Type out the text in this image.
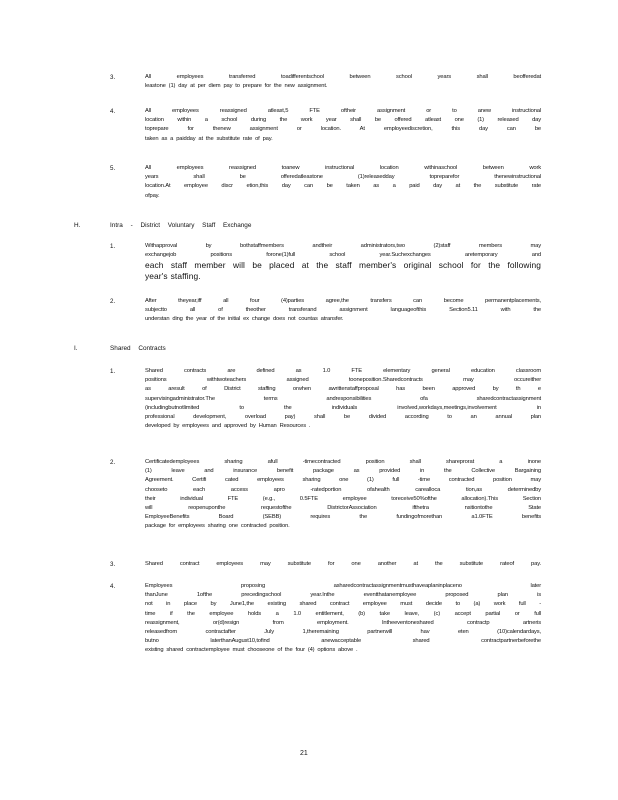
3.	All employees transferred toadifferentschool between school years shall beofferedat
leastone (1) day at per diem pay to prepare for the new assignment.
4.	All employees reassigned atleast,5 FTE oftheir assignment or to anew instructional
location within a school during the work year shall be offered atleast one (1) released day
toprepare for thenew assignment or location. At employeediscretion, this day can be
taken as a paidday at the substitute rate of pay.
5.	All employees reassigned toanew instructional location withinaschool between work
years shall be offeredatleastone (1)releasedday topreparefor thenewinstructional
location.At employee discr etion,this day can be taken as a paid day at the substitute rate
ofpay.
H.	Intra - District Voluntary Staff Exchange
1.	Withapproval by bothstaffmembers andtheir administrators,two (2)staff members may
exchangejob positions forone(1)full school year.Suchexchanges aretemporary and
each staff member will be placed at the staff member's original school for the following
year's staffing.
2.	After theyear,iff all four (4)parties agree,the transfers can become permanentplacements,
subjectto all of theother transferand assignment languageofthis Section5.11 with the
understan ding the year of the initial ex change does not countas atransfer.
I.	Shared Contracts
1.	Shared contracts are defined as 1.0 FTE elementary general education classroom
positions withtwoteachers assigned tooneposition.Sharedcontracts may occureither
as aresult of District staffing orwhen awrittenstaffproposal has been approved by th e
supervisingadministrator.The terms andresponsibilities ofa sharedcontractassignment
(includingbutnotlimited to the individuals involved,workdays,meetings,involvement in
professional development, overload pay) shall be divided according to an annual plan
developed by employees and approved by Human Resources .
2.	Certificatedemployees sharing afull -timecontracted position shall shareprorat a inone
(1) leave and insurance benefit package as provided in the Collective Bargaining
Agreement. Certifi cated employees sharing one (1) full -time contracted position may
chooseto each access apro -ratedportion ofahealth carealloca tion,as determinedby
their individual FTE (e.g., 0.5FTE employee toreceive50%ofthe allocation).This Section
will reopenuponthe requestofthe DistrictorAssociation ifthetra nsitiontothe State
EmployeeBenefits Board (SEBB) requires the fundingofmorethan a1.0FTE benefits
package for employees sharing one contracted position.
3.	Shared contract employees may substitute for one another at the substitute rateof pay.
4.	Employees proposing asharedcontractassignmentmusthaveaplaninplaceno later
thanJune 1ofthe precedingschool year.Inthe eventthatanemployee proposed plan is
not in place by June1,the existing shared contract employee must decide to (a) work full -
time if the employee holds a 1.0 entitlement, (b) take leave, (c) accept partial or full
reassignment, or(d)resign from employment. Intheeventoneshared contractp artneris
releasedfrom contractafter July 1,theremaining partnerwill hav eten (10)calendardays,
butno laterthanAugust10,tofind anewacceptable shared contractpartnerbeforethe
existing shared contractemployee must chooseone of the four (4) options above .
21
